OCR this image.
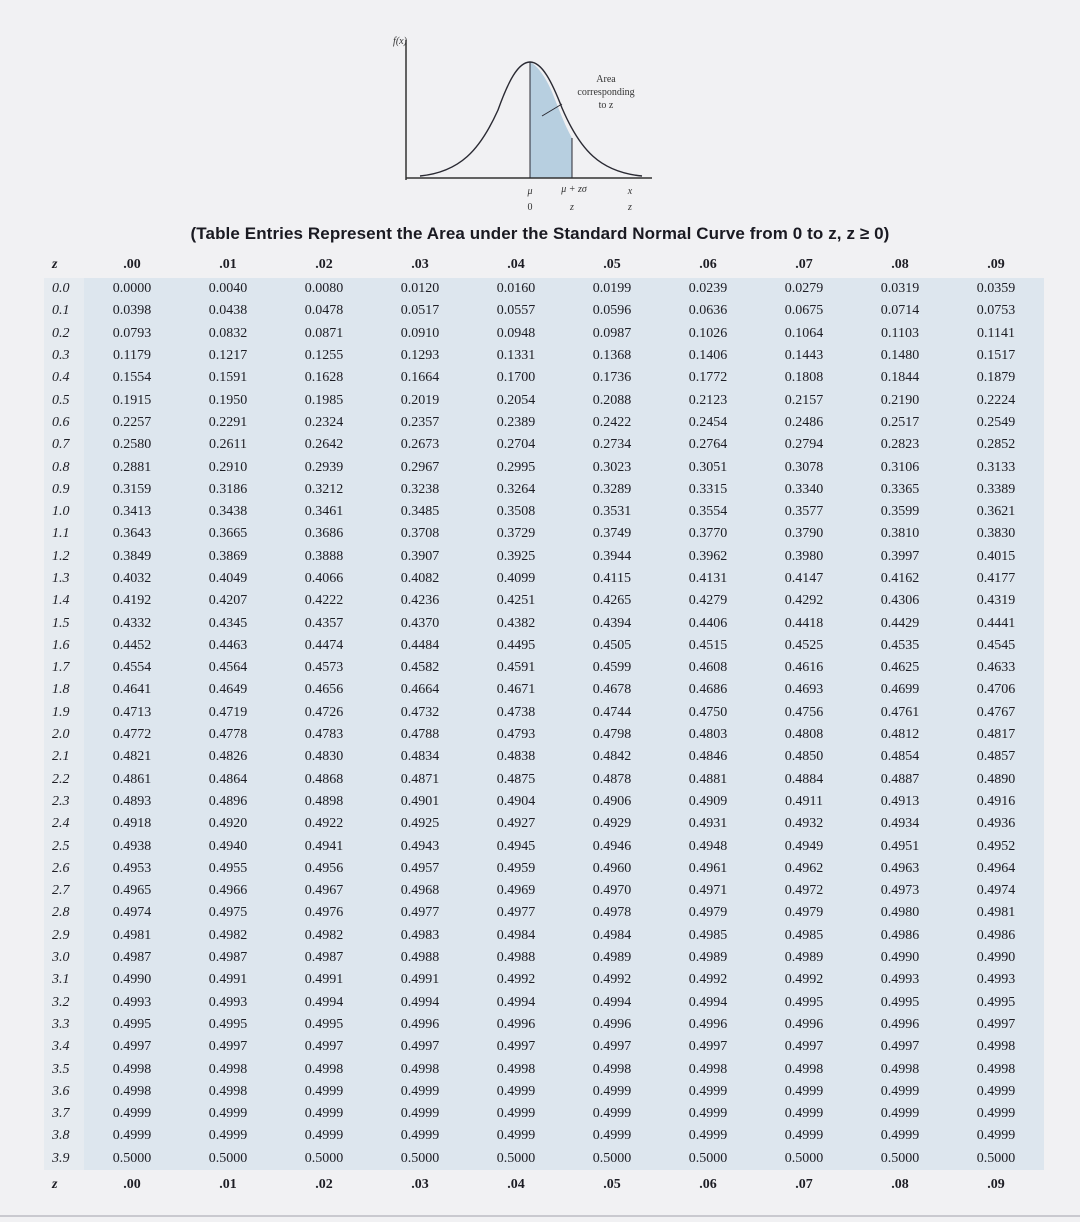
f(x)
Area
corresponding
to z
μ	μ + zσ	x
0	z	z
(Table Entries Represent the Area under the Standard Normal Curve from 0 to z, z ≥ 0)
z	.00	.01	.02	.03	.04	.05	.06	.07	.08	.09
0.0	0.0000	0.0040	0.0080	0.0120	0.0160	0.0199	0.0239	0.0279	0.0319	0.0359
0.1	0.0398	0.0438	0.0478	0.0517	0.0557	0.0596	0.0636	0.0675	0.0714	0.0753
0.2	0.0793	0.0832	0.0871	0.0910	0.0948	0.0987	0.1026	0.1064	0.1103	0.1141
0.3	0.1179	0.1217	0.1255	0.1293	0.1331	0.1368	0.1406	0.1443	0.1480	0.1517
0.4	0.1554	0.1591	0.1628	0.1664	0.1700	0.1736	0.1772	0.1808	0.1844	0.1879
0.5	0.1915	0.1950	0.1985	0.2019	0.2054	0.2088	0.2123	0.2157	0.2190	0.2224
0.6	0.2257	0.2291	0.2324	0.2357	0.2389	0.2422	0.2454	0.2486	0.2517	0.2549
0.7	0.2580	0.2611	0.2642	0.2673	0.2704	0.2734	0.2764	0.2794	0.2823	0.2852
0.8	0.2881	0.2910	0.2939	0.2967	0.2995	0.3023	0.3051	0.3078	0.3106	0.3133
0.9	0.3159	0.3186	0.3212	0.3238	0.3264	0.3289	0.3315	0.3340	0.3365	0.3389
1.0	0.3413	0.3438	0.3461	0.3485	0.3508	0.3531	0.3554	0.3577	0.3599	0.3621
1.1	0.3643	0.3665	0.3686	0.3708	0.3729	0.3749	0.3770	0.3790	0.3810	0.3830
1.2	0.3849	0.3869	0.3888	0.3907	0.3925	0.3944	0.3962	0.3980	0.3997	0.4015
1.3	0.4032	0.4049	0.4066	0.4082	0.4099	0.4115	0.4131	0.4147	0.4162	0.4177
1.4	0.4192	0.4207	0.4222	0.4236	0.4251	0.4265	0.4279	0.4292	0.4306	0.4319
1.5	0.4332	0.4345	0.4357	0.4370	0.4382	0.4394	0.4406	0.4418	0.4429	0.4441
1.6	0.4452	0.4463	0.4474	0.4484	0.4495	0.4505	0.4515	0.4525	0.4535	0.4545
1.7	0.4554	0.4564	0.4573	0.4582	0.4591	0.4599	0.4608	0.4616	0.4625	0.4633
1.8	0.4641	0.4649	0.4656	0.4664	0.4671	0.4678	0.4686	0.4693	0.4699	0.4706
1.9	0.4713	0.4719	0.4726	0.4732	0.4738	0.4744	0.4750	0.4756	0.4761	0.4767
2.0	0.4772	0.4778	0.4783	0.4788	0.4793	0.4798	0.4803	0.4808	0.4812	0.4817
2.1	0.4821	0.4826	0.4830	0.4834	0.4838	0.4842	0.4846	0.4850	0.4854	0.4857
2.2	0.4861	0.4864	0.4868	0.4871	0.4875	0.4878	0.4881	0.4884	0.4887	0.4890
2.3	0.4893	0.4896	0.4898	0.4901	0.4904	0.4906	0.4909	0.4911	0.4913	0.4916
2.4	0.4918	0.4920	0.4922	0.4925	0.4927	0.4929	0.4931	0.4932	0.4934	0.4936
2.5	0.4938	0.4940	0.4941	0.4943	0.4945	0.4946	0.4948	0.4949	0.4951	0.4952
2.6	0.4953	0.4955	0.4956	0.4957	0.4959	0.4960	0.4961	0.4962	0.4963	0.4964
2.7	0.4965	0.4966	0.4967	0.4968	0.4969	0.4970	0.4971	0.4972	0.4973	0.4974
2.8	0.4974	0.4975	0.4976	0.4977	0.4977	0.4978	0.4979	0.4979	0.4980	0.4981
2.9	0.4981	0.4982	0.4982	0.4983	0.4984	0.4984	0.4985	0.4985	0.4986	0.4986
3.0	0.4987	0.4987	0.4987	0.4988	0.4988	0.4989	0.4989	0.4989	0.4990	0.4990
3.1	0.4990	0.4991	0.4991	0.4991	0.4992	0.4992	0.4992	0.4992	0.4993	0.4993
3.2	0.4993	0.4993	0.4994	0.4994	0.4994	0.4994	0.4994	0.4995	0.4995	0.4995
3.3	0.4995	0.4995	0.4995	0.4996	0.4996	0.4996	0.4996	0.4996	0.4996	0.4997
3.4	0.4997	0.4997	0.4997	0.4997	0.4997	0.4997	0.4997	0.4997	0.4997	0.4998
3.5	0.4998	0.4998	0.4998	0.4998	0.4998	0.4998	0.4998	0.4998	0.4998	0.4998
3.6	0.4998	0.4998	0.4999	0.4999	0.4999	0.4999	0.4999	0.4999	0.4999	0.4999
3.7	0.4999	0.4999	0.4999	0.4999	0.4999	0.4999	0.4999	0.4999	0.4999	0.4999
3.8	0.4999	0.4999	0.4999	0.4999	0.4999	0.4999	0.4999	0.4999	0.4999	0.4999
3.9	0.5000	0.5000	0.5000	0.5000	0.5000	0.5000	0.5000	0.5000	0.5000	0.5000
z	.00	.01	.02	.03	.04	.05	.06	.07	.08	.09
